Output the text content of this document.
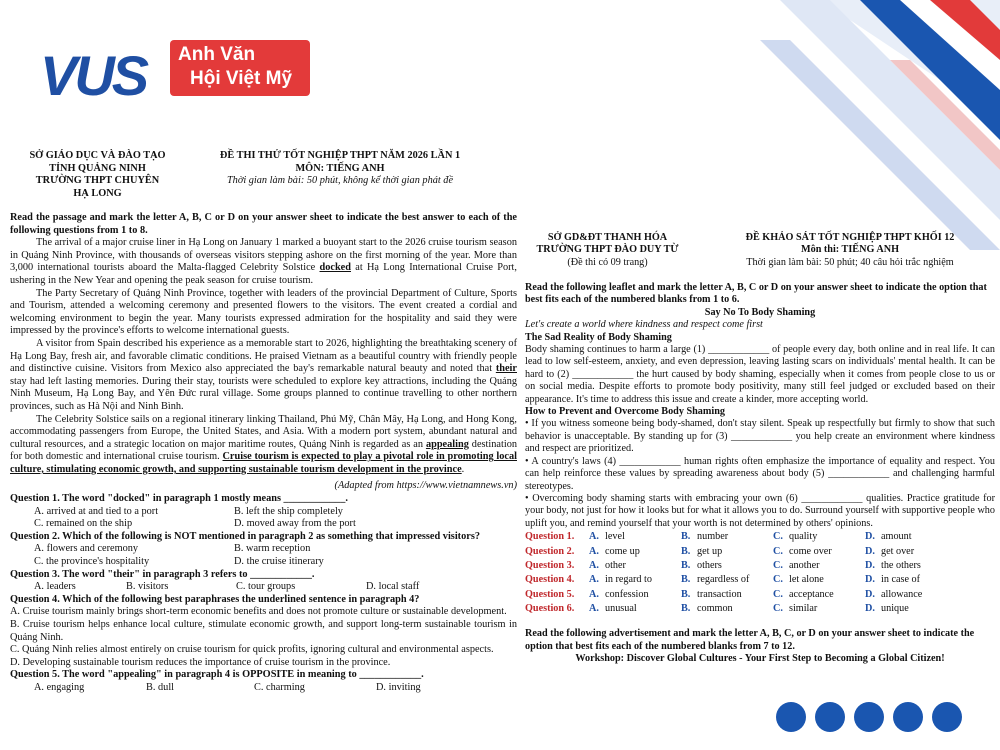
VUS Anh Văn
Hội Việt Mỹ
SỞ GIÁO DỤC VÀ ĐÀO TẠO
TỈNH QUẢNG NINH
TRƯỜNG THPT CHUYÊN
HẠ LONG
ĐỀ THI THỬ TỐT NGHIỆP THPT NĂM 2026 LẦN 1
MÔN: TIẾNG ANH
Thời gian làm bài: 50 phút, không kể thời gian phát đề

Read the passage and mark the letter A, B, C or D on your answer sheet to indicate the best answer to each of the following questions from 1 to 8.

The arrival of a major cruise liner in Hạ Long on January 1 marked a buoyant start to the 2026 cruise tourism season in Quảng Ninh Province, with thousands of overseas visitors stepping ashore on the first morning of the year. More than 3,000 international tourists aboard the Malta-flagged Celebrity Solstice docked at Hạ Long International Cruise Port, ushering in the New Year and opening the peak season for cruise tourism.

The Party Secretary of Quảng Ninh Province, together with leaders of the provincial Department of Culture, Sports and Tourism, attended a welcoming ceremony and presented flowers to the visitors. The event created a cordial and welcoming environment to begin the year. Many tourists expressed admiration for the hospitality and said they were impressed by the province's efforts to welcome international guests.

A visitor from Spain described his experience as a memorable start to 2026, highlighting the breathtaking scenery of Hạ Long Bay, fresh air, and favorable climatic conditions. He praised Vietnam as a beautiful country with friendly people and distinctive cuisine. Visitors from Mexico also appreciated the bay's remarkable natural beauty and noted that their stay had left lasting memories. During their stay, tourists were scheduled to explore key attractions, including the Quảng Ninh Museum, Hạ Long Bay, and Yên Đức rural village. Some groups planned to continue travelling to other northern provinces, such as Hà Nội and Ninh Bình.

The Celebrity Solstice sails on a regional itinerary linking Thailand, Phú Mỹ, Chân Mây, Hạ Long, and Hong Kong, accommodating passengers from Europe, the United States, and Asia. With a modern port system, abundant natural and cultural resources, and a strategic location on major maritime routes, Quảng Ninh is regarded as an appealing destination for both domestic and international cruise tourism. Cruise tourism is expected to play a pivotal role in promoting local culture, stimulating economic growth, and supporting sustainable tourism development in the province.

(Adapted from https://www.vietnamnews.vn)

Question 1. The word "docked" in paragraph 1 mostly means ____________.

A. arrived at and tied to a port	B. left the ship completely
C. remained on the ship	D. moved away from the port

Question 2. Which of the following is NOT mentioned in paragraph 2 as something that impressed visitors?

A. flowers and ceremony	B. warm reception
C. the province's hospitality	D. the cruise itinerary

Question 3. The word "their" in paragraph 3 refers to ____________.

A. leaders	B. visitors	C. tour groups	D. local staff

Question 4. Which of the following best paraphrases the underlined sentence in paragraph 4?

A. Cruise tourism mainly brings short-term economic benefits and does not promote culture or sustainable development.

B. Cruise tourism helps enhance local culture, stimulate economic growth, and support long-term sustainable tourism in Quảng Ninh.

C. Quảng Ninh relies almost entirely on cruise tourism for quick profits, ignoring cultural and environmental aspects.

D. Developing sustainable tourism reduces the importance of cruise tourism in the province.

Question 5. The word "appealing" in paragraph 4 is OPPOSITE in meaning to ____________.

A. engaging	B. dull	C. charming	D. inviting
SỞ GD&ĐT THANH HÓA
TRƯỜNG THPT ĐÀO DUY TỪ
(Đề thi có 09 trang)
ĐỀ KHẢO SÁT TỐT NGHIỆP THPT KHỐI 12
Môn thi: TIẾNG ANH
Thời gian làm bài: 50 phút; 40 câu hỏi trắc nghiệm

Read the following leaflet and mark the letter A, B, C or D on your answer sheet to indicate the option that best fits each of the numbered blanks from 1 to 6.

Say No To Body Shaming

Let's create a world where kindness and respect come first

The Sad Reality of Body Shaming

Body shaming continues to harm a large (1) ____________ of people every day, both online and in real life. It can lead to low self-esteem, anxiety, and even depression, leaving lasting scars on individuals' mental health. It can be hard to (2) ____________ the hurt caused by body shaming, especially when it comes from people close to us or on social media. Despite efforts to promote body positivity, many still feel judged or excluded based on their appearance. It's time to address this issue and create a kinder, more accepting world.

How to Prevent and Overcome Body Shaming

• If you witness someone being body-shamed, don't stay silent. Speak up respectfully but firmly to show that such behavior is unacceptable. By standing up for (3) ____________ you help create an environment where kindness and respect are prioritized.

• A country's laws (4) ____________ human rights often emphasize the importance of equality and respect. You can help reinforce these values by spreading awareness about body (5) ____________ and challenging harmful stereotypes.

• Overcoming body shaming starts with embracing your own (6) ____________ qualities. Practice gratitude for your body, not just for how it looks but for what it allows you to do. Surround yourself with supportive people who uplift you, and remind yourself that your worth is not determined by others' opinions.

Question 1.	A.	level	B.	number	C.	quality	D.	amount
Question 2.	A.	come up	B.	get up	C.	come over	D.	get over
Question 3.	A.	other	B.	others	C.	another	D.	the others
Question 4.	A.	in regard to	B.	regardless of	C.	let alone	D.	in case of
Question 5.	A.	confession	B.	transaction	C.	acceptance	D.	allowance
Question 6.	A.	unusual	B.	common	C.	similar	D.	unique

Read the following advertisement and mark the letter A, B, C, or D on your answer sheet to indicate the option that best fits each of the numbered blanks from 7 to 12.

Workshop: Discover Global Cultures - Your First Step to Becoming a Global Citizen!
